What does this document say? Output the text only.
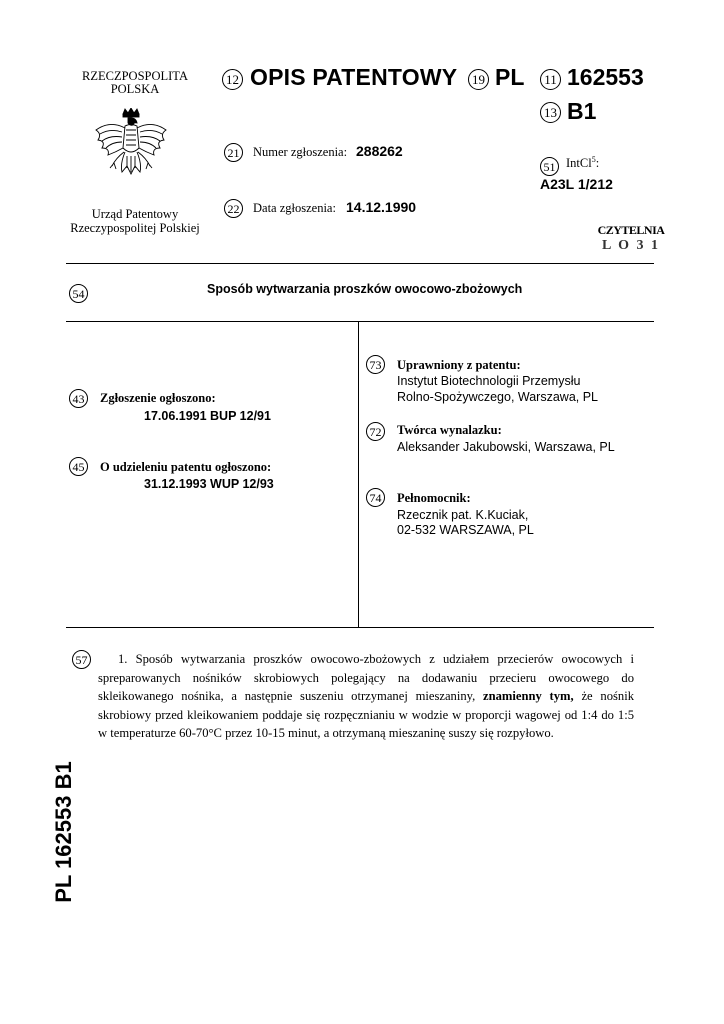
RZECZPOSPOLITA
POLSKA
Urząd Patentowy
Rzeczypospolitej Polskiej
12 OPIS PATENTOWY	19 PL	11 162553
13 B1
21 Numer zgłoszenia: 288262
51 IntCl$^5$:
A23L 1/212
22 Data zgłoszenia: 14.12.1990
CZYTELNIA
L O 3 1
54	Sposób wytwarzania proszków owocowo-zbożowych
43 Zgłoszenie ogłoszono:
17.06.1991 BUP 12/91
45 O udzieleniu patentu ogłoszono:
31.12.1993 WUP 12/93
73 Uprawniony z patentu:
Instytut Biotechnologii Przemysłu
Rolno-Spożywczego, Warszawa, PL
72 Twórca wynalazku:
Aleksander Jakubowski, Warszawa, PL
74 Pełnomocnik:
Rzecznik pat. K.Kuciak,
02-532 WARSZAWA, PL
57	1. Sposób wytwarzania proszków owocowo-zbożowych z udziałem przecierów owocowych i spreparowanych nośników skrobiowych polegający na dodawaniu przecieru owocowego do skleikowanego nośnika, a następnie suszeniu otrzymanej mieszaniny, znamienny tym, że nośnik skrobiowy przed kleikowaniem poddaje się rozpęcznianiu w wodzie w proporcji wagowej od 1:4 do 1:5 w temperaturze 60-70°C przez 10-15 minut, a otrzymaną mieszaninę suszy się rozpyłowo.
PL 162553 B1
